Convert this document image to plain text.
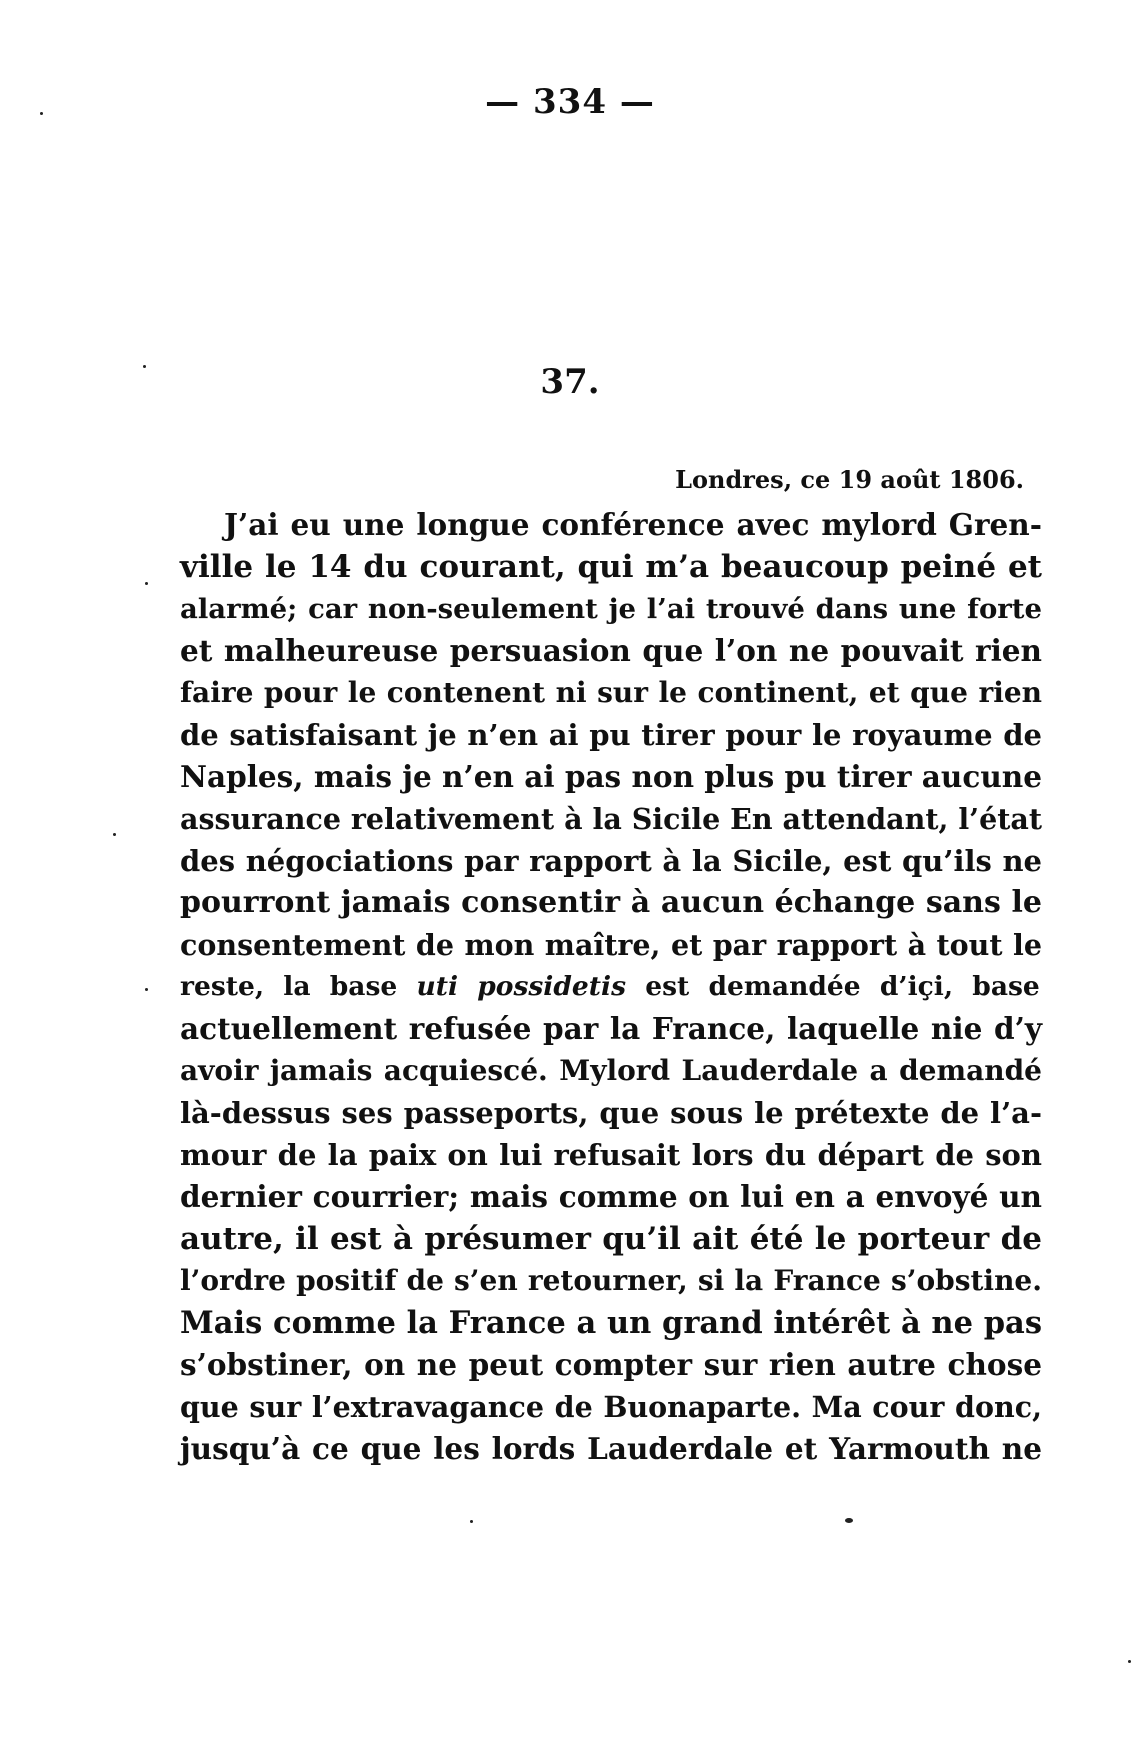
— 334 —
37.
Londres, ce 19 août 1806.
J’ai eu une longue conférence avec mylord Gren-
ville le 14 du courant, qui m’a beaucoup peiné et
alarmé; car non-seulement je l’ai trouvé dans une forte
et malheureuse persuasion que l’on ne pouvait rien
faire pour le contenent ni sur le continent, et que rien
de satisfaisant je n’en ai pu tirer pour le royaume de
Naples, mais je n’en ai pas non plus pu tirer aucune
assurance relativement à la Sicile En attendant, l’état
des négociations par rapport à la Sicile, est qu’ils ne
pourront jamais consentir à aucun échange sans le
consentement de mon maître, et par rapport à tout le
reste, la base uti possidetis est demandée d’içi, base
actuellement refusée par la France, laquelle nie d’y
avoir jamais acquiescé. Mylord Lauderdale a demandé
là-dessus ses passeports, que sous le prétexte de l’a-
mour de la paix on lui refusait lors du départ de son
dernier courrier; mais comme on lui en a envoyé un
autre, il est à présumer qu’il ait été le porteur de
l’ordre positif de s’en retourner, si la France s’obstine.
Mais comme la France a un grand intérêt à ne pas
s’obstiner, on ne peut compter sur rien autre chose
que sur l’extravagance de Buonaparte. Ma cour donc,
jusqu’à ce que les lords Lauderdale et Yarmouth ne
